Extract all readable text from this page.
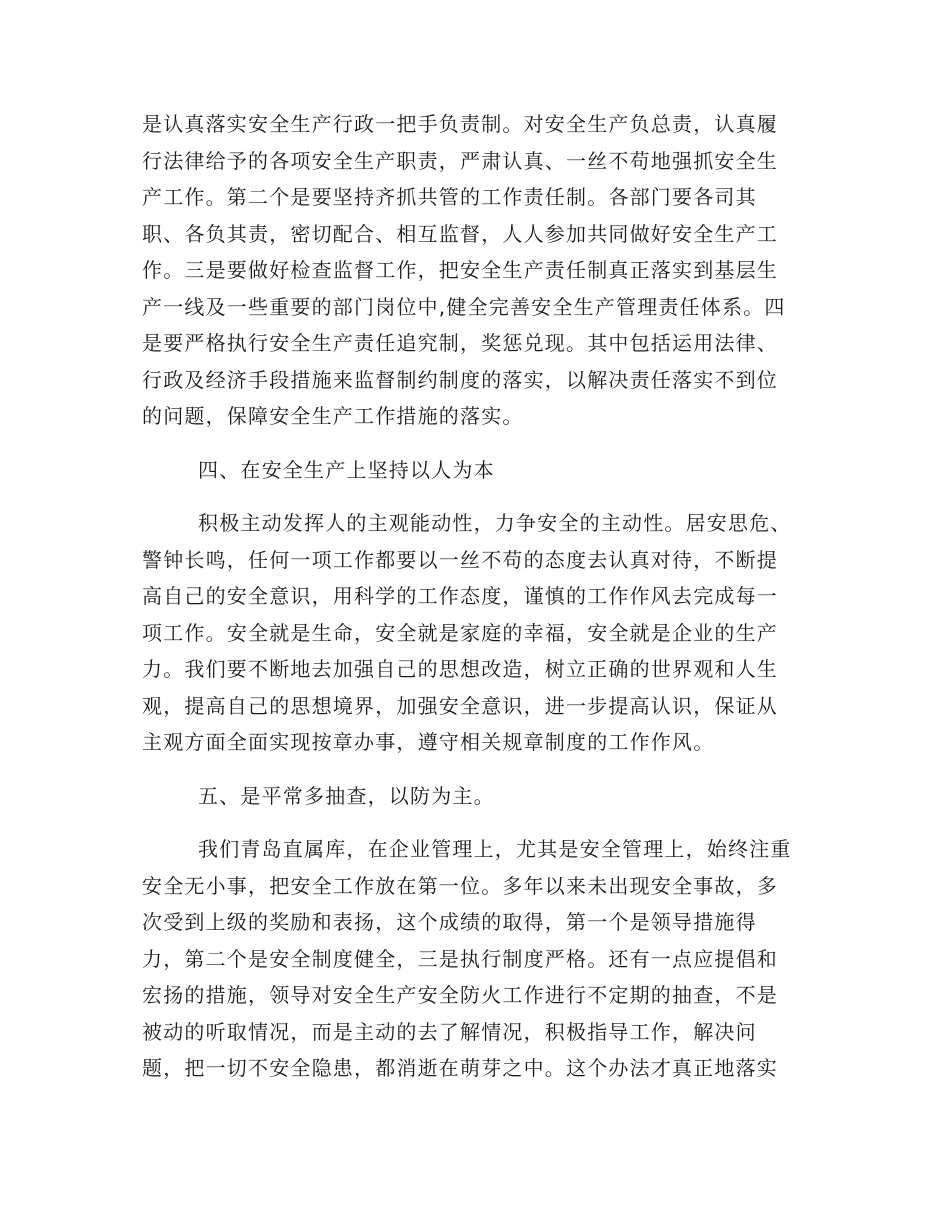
是认真落实安全生产行政一把手负责制。对安全生产负总责，认真履
行法律给予的各项安全生产职责，严肃认真、一丝不苟地强抓安全生
产工作。第二个是要坚持齐抓共管的工作责任制。各部门要各司其
职、各负其责，密切配合、相互监督，人人参加共同做好安全生产工
作。三是要做好检查监督工作，把安全生产责任制真正落实到基层生
产一线及一些重要的部门岗位中,健全完善安全生产管理责任体系。四
是要严格执行安全生产责任追究制，奖惩兑现。其中包括运用法律、
行政及经济手段措施来监督制约制度的落实，以解决责任落实不到位
的问题，保障安全生产工作措施的落实。
四、在安全生产上坚持以人为本
积极主动发挥人的主观能动性，力争安全的主动性。居安思危、
警钟长鸣，任何一项工作都要以一丝不苟的态度去认真对待，不断提
高自己的安全意识，用科学的工作态度，谨慎的工作作风去完成每一
项工作。安全就是生命，安全就是家庭的幸福，安全就是企业的生产
力。我们要不断地去加强自己的思想改造，树立正确的世界观和人生
观，提高自己的思想境界，加强安全意识，进一步提高认识，保证从
主观方面全面实现按章办事，遵守相关规章制度的工作作风。
五、是平常多抽查，以防为主。
我们青岛直属库，在企业管理上，尤其是安全管理上，始终注重
安全无小事，把安全工作放在第一位。多年以来未出现安全事故，多
次受到上级的奖励和表扬，这个成绩的取得，第一个是领导措施得
力，第二个是安全制度健全，三是执行制度严格。还有一点应提倡和
宏扬的措施，领导对安全生产安全防火工作进行不定期的抽查，不是
被动的听取情况，而是主动的去了解情况，积极指导工作，解决问
题，把一切不安全隐患，都消逝在萌芽之中。这个办法才真正地落实
